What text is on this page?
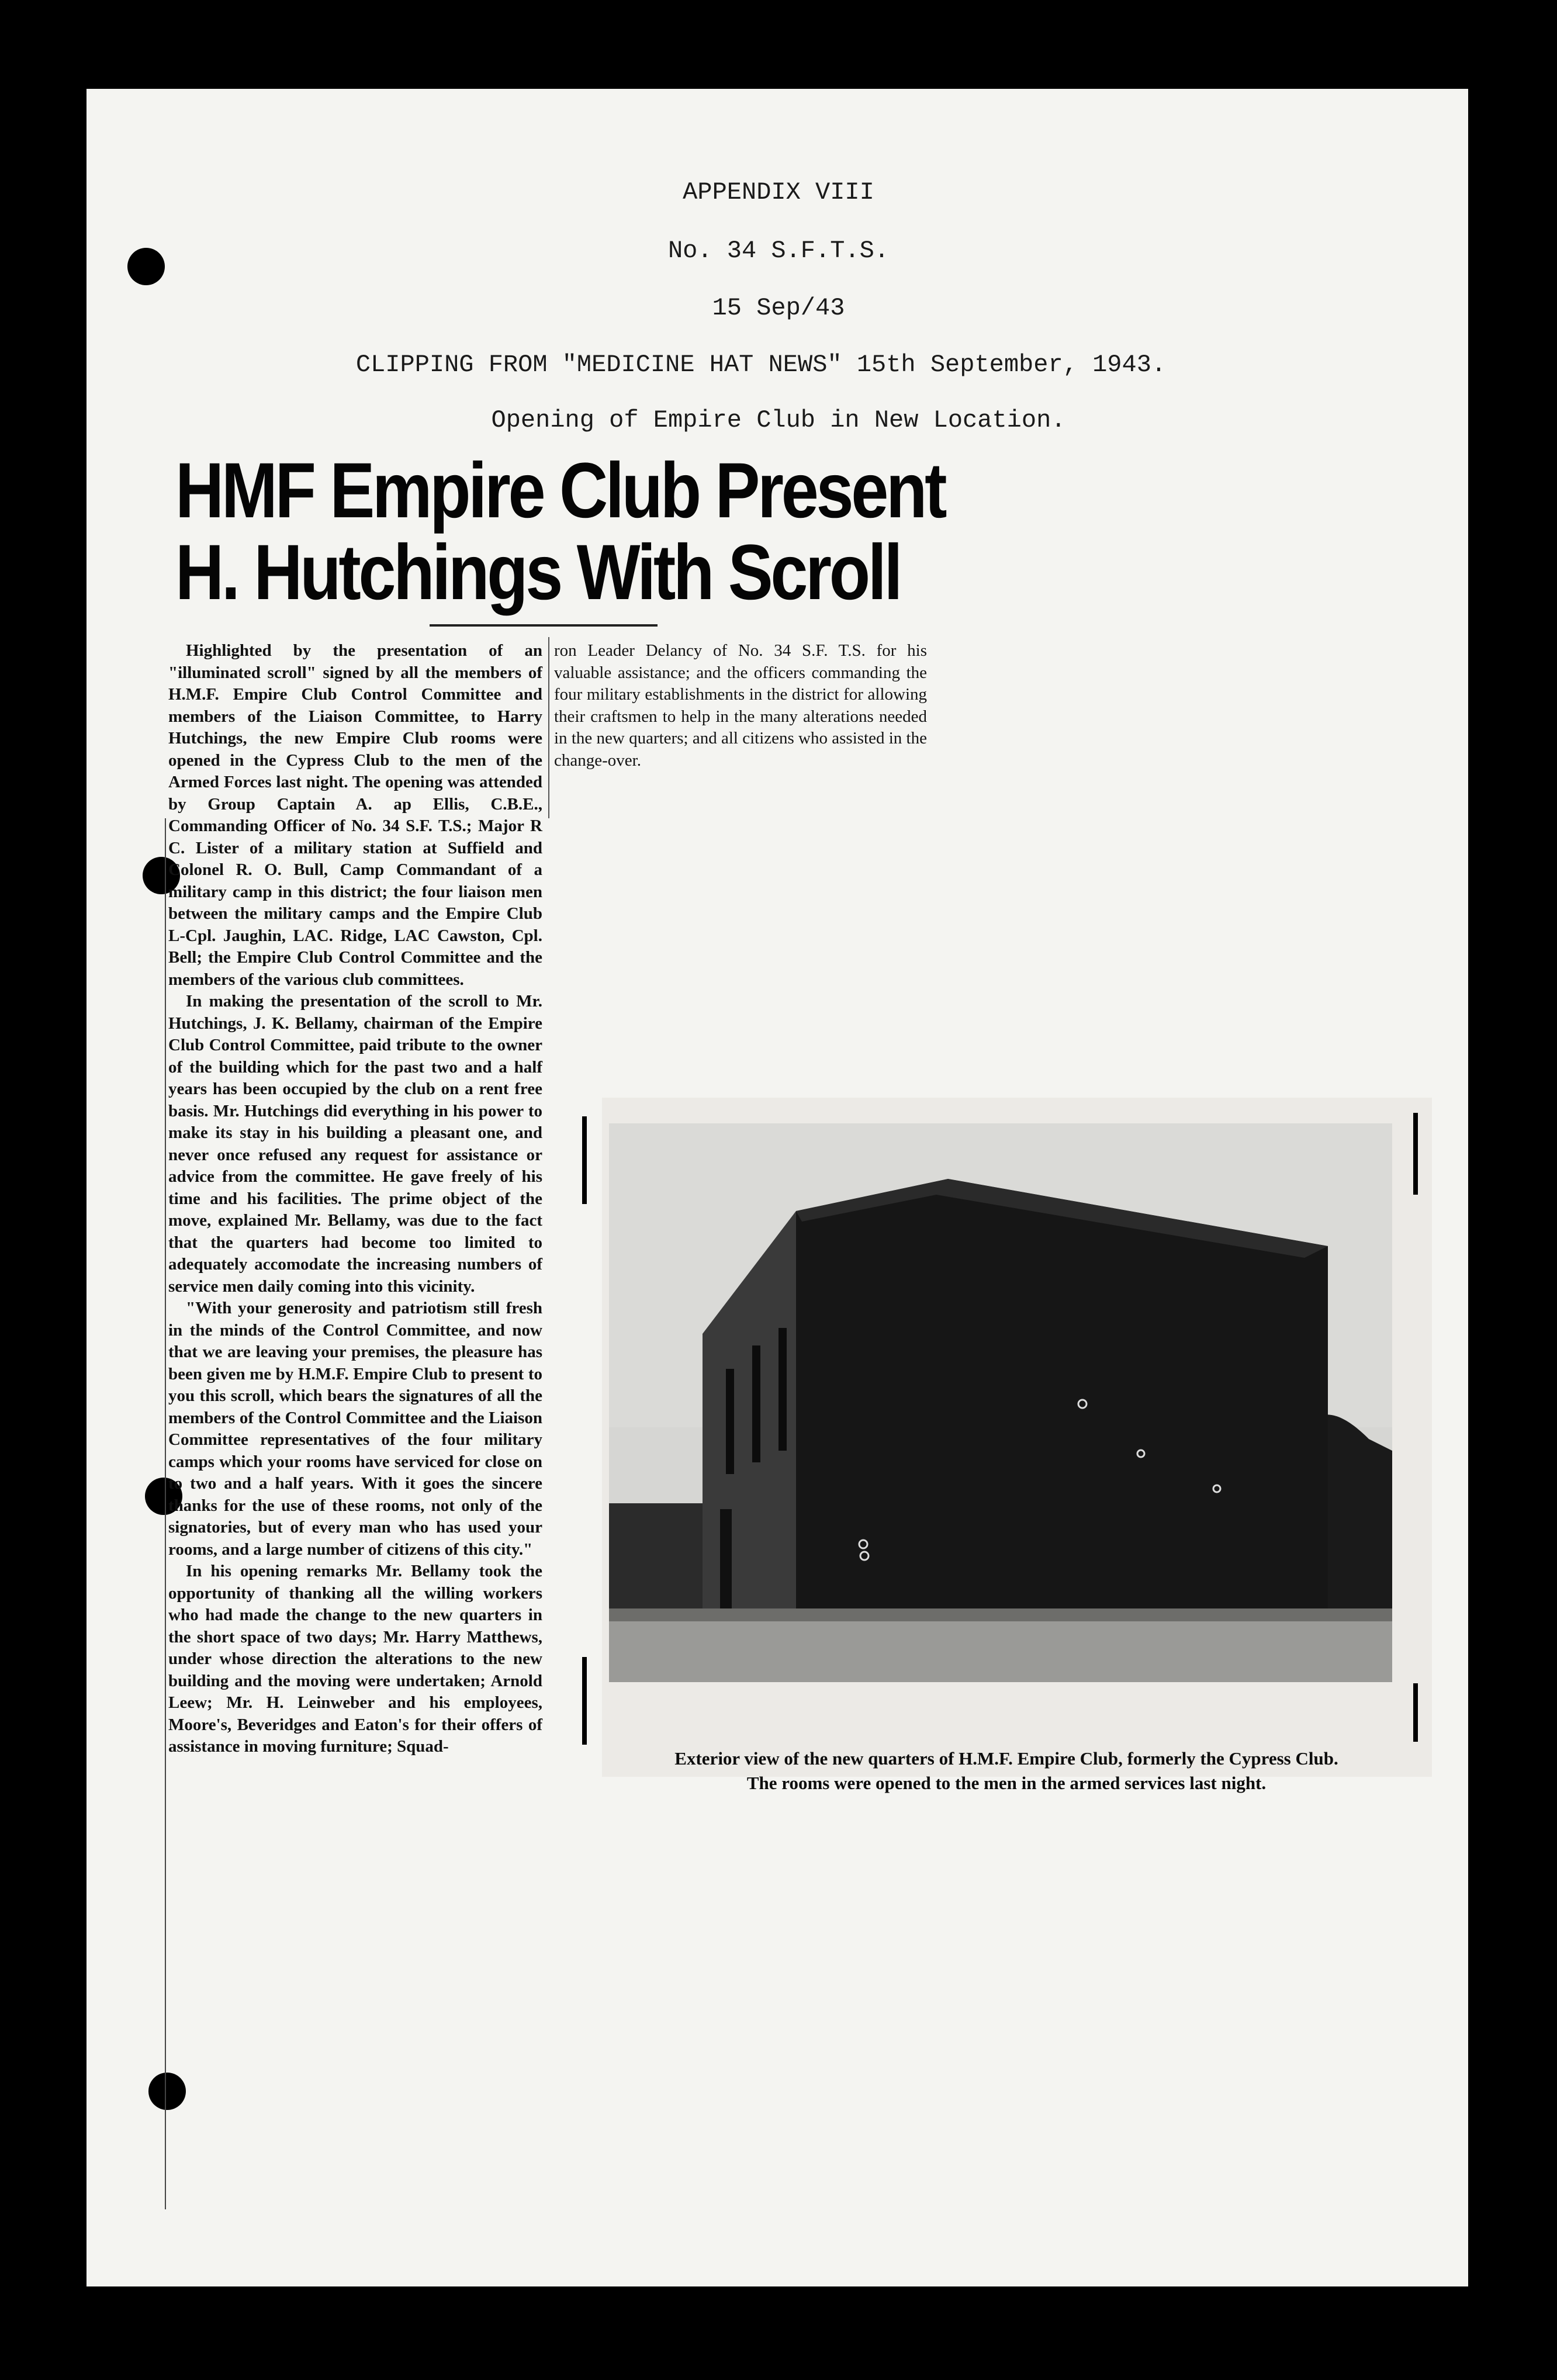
APPENDIX VIII
No. 34 S.F.T.S.
15 Sep/43
CLIPPING FROM "MEDICINE HAT NEWS" 15th September, 1943.
Opening of Empire Club in New Location.
HMF Empire Club Present
H. Hutchings With Scroll

Highlighted by the presentation of an "illuminated scroll" signed by all the members of H.M.F. Empire Club Control Committee and members of the Liaison Committee, to Harry Hutchings, the new Empire Club rooms were opened in the Cypress Club to the men of the Armed Forces last night. The opening was attended by Group Captain A. ap Ellis, C.B.E., Commanding Officer of No. 34 S.F. T.S.; Major R C. Lister of a military station at Suffield and Colonel R. O. Bull, Camp Commandant of a military camp in this district; the four liaison men between the military camps and the Empire Club L-Cpl. Jaughin, LAC. Ridge, LAC Cawston, Cpl. Bell; the Empire Club Control Committee and the members of the various club committees.

In making the presentation of the scroll to Mr. Hutchings, J. K. Bellamy, chairman of the Empire Club Control Committee, paid tribute to the owner of the building which for the past two and a half years has been occupied by the club on a rent free basis. Mr. Hutchings did everything in his power to make its stay in his building a pleasant one, and never once refused any request for assistance or advice from the committee. He gave freely of his time and his facilities. The prime object of the move, explained Mr. Bellamy, was due to the fact that the quarters had become too limited to adequately accomodate the increasing numbers of service men daily coming into this vicinity.

"With your generosity and patriotism still fresh in the minds of the Control Committee, and now that we are leaving your premises, the pleasure has been given me by H.M.F. Empire Club to present to you this scroll, which bears the signatures of all the members of the Control Committee and the Liaison Committee representatives of the four military camps which your rooms have serviced for close on to two and a half years. With it goes the sincere thanks for the use of these rooms, not only of the signatories, but of every man who has used your rooms, and a large number of citizens of this city."

In his opening remarks Mr. Bellamy took the opportunity of thanking all the willing workers who had made the change to the new quarters in the short space of two days; Mr. Harry Matthews, under whose direction the alterations to the new building and the moving were undertaken; Arnold Leew; Mr. H. Leinweber and his employees, Moore's, Beveridges and Eaton's for their offers of assistance in moving furniture; Squad-

ron Leader Delancy of No. 34 S.F. T.S. for his valuable assistance; and the officers commanding the four military establishments in the district for allowing their craftsmen to help in the many alterations needed in the new quarters; and all citizens who assisted in the change-over.

Exterior view of the new quarters of H.M.F. Empire Club, formerly the Cypress Club.
The rooms were opened to the men in the armed services last night.
